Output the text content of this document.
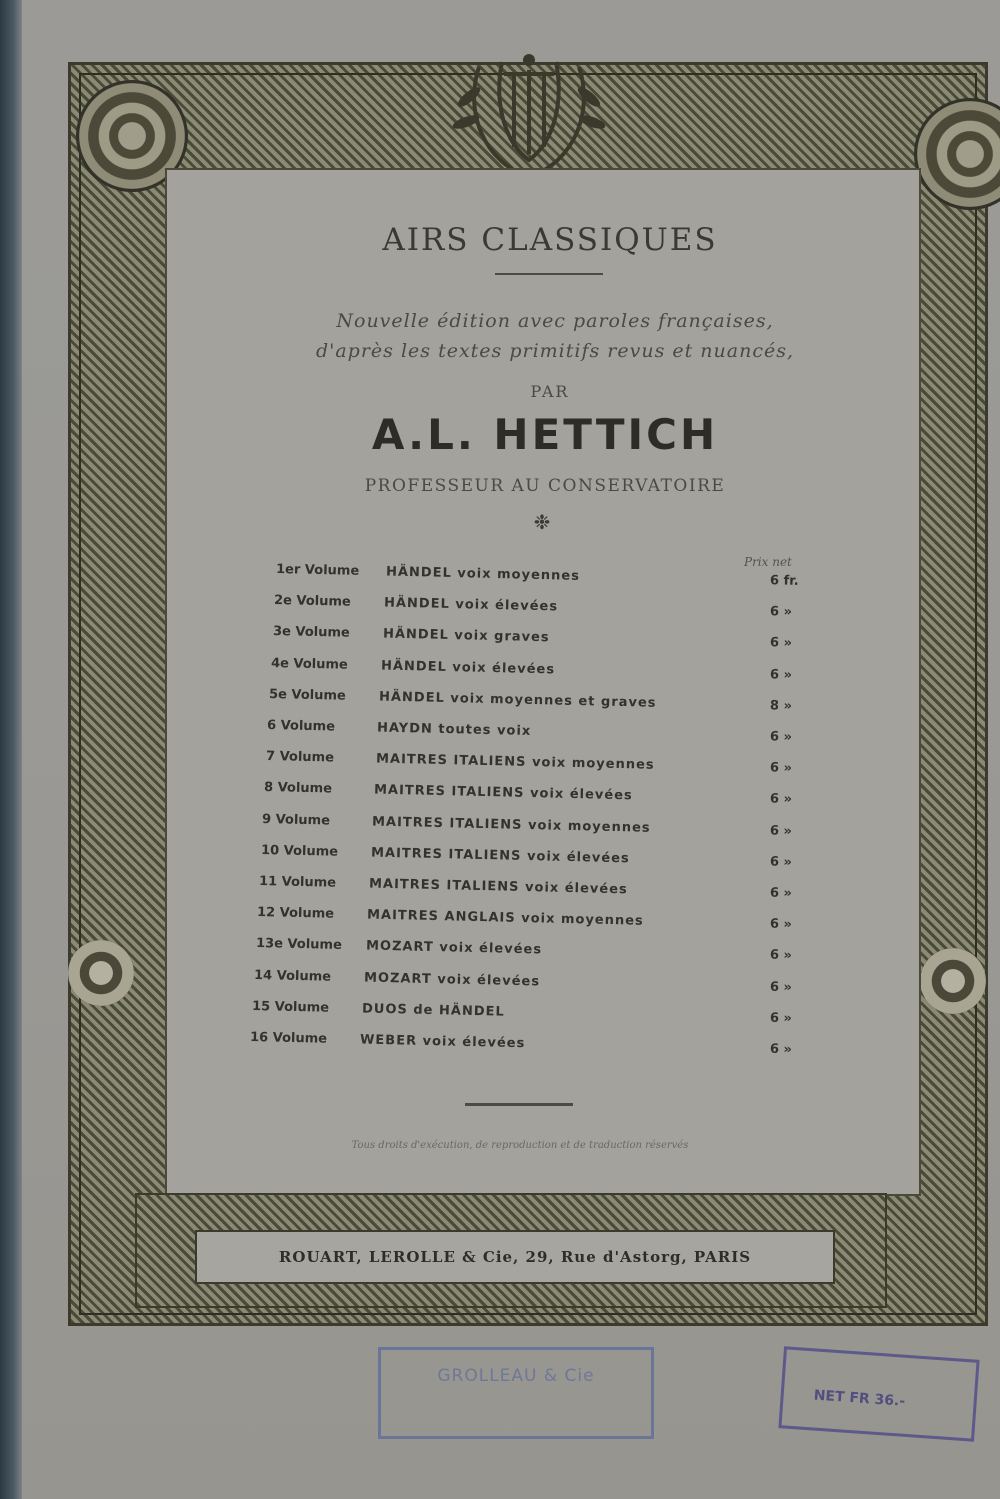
AIRS CLASSIQUES
Nouvelle édition avec paroles françaises,
d'après les textes primitifs revus et nuancés,
PAR
A.L. HETTICH
PROFESSEUR AU CONSERVATOIRE
❉
Prix net
1er Volume	HÄNDEL voix moyennes	6 fr.
2e Volume	HÄNDEL voix élevées	6 »
3e Volume	HÄNDEL voix graves	6 »
4e Volume	HÄNDEL voix élevées	6 »
5e Volume	HÄNDEL voix moyennes et graves	8 »
6 Volume	HAYDN toutes voix	6 »
7 Volume	MAITRES ITALIENS voix moyennes	6 »
8 Volume	MAITRES ITALIENS voix élevées	6 »
9 Volume	MAITRES ITALIENS voix moyennes	6 »
10 Volume	MAITRES ITALIENS voix élevées	6 »
11 Volume	MAITRES ITALIENS voix élevées	6 »
12 Volume	MAITRES ANGLAIS voix moyennes	6 »
13e Volume	MOZART voix élevées	6 »
14 Volume	MOZART voix élevées	6 »
15 Volume	DUOS de HÄNDEL	6 »
16 Volume	WEBER voix élevées	6 »
Tous droits d'exécution, de reproduction et de traduction réservés
ROUART, LEROLLE & Cie, 29, Rue d'Astorg, PARIS
GROLLEAU & Cie
NET FR 36.-
